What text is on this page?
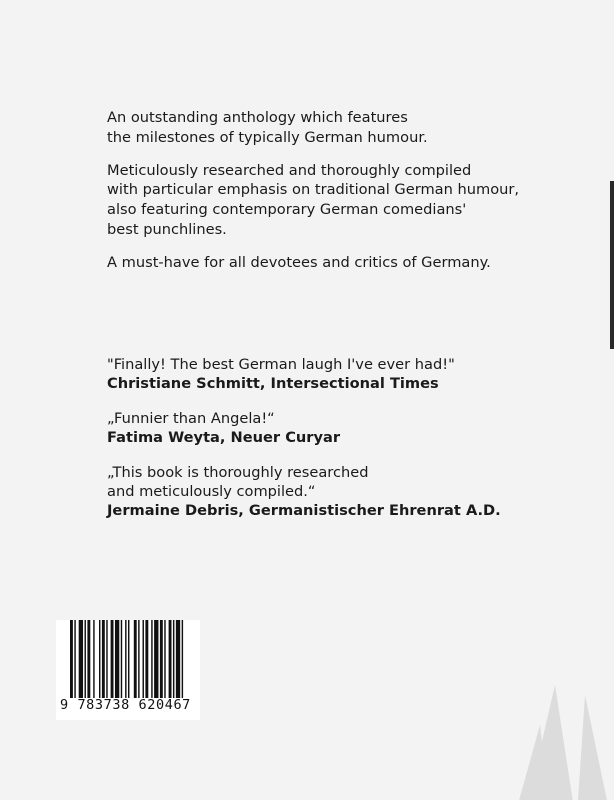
An outstanding anthology which features
the milestones of typically German humour.

Meticulously researched and thoroughly compiled
with particular emphasis on traditional German humour,
also featuring contemporary German comedians'
best punchlines.

A must-have for all devotees and critics of Germany.

"Finally! The best German laugh I've ever had!"
Christiane Schmitt, Intersectional Times

„Funnier than Angela!“
Fatima Weyta, Neuer Curyar

„This book is thoroughly researched
and meticulously compiled.“
Jermaine Debris, Germanistischer Ehrenrat A.D.

9 783738 620467
